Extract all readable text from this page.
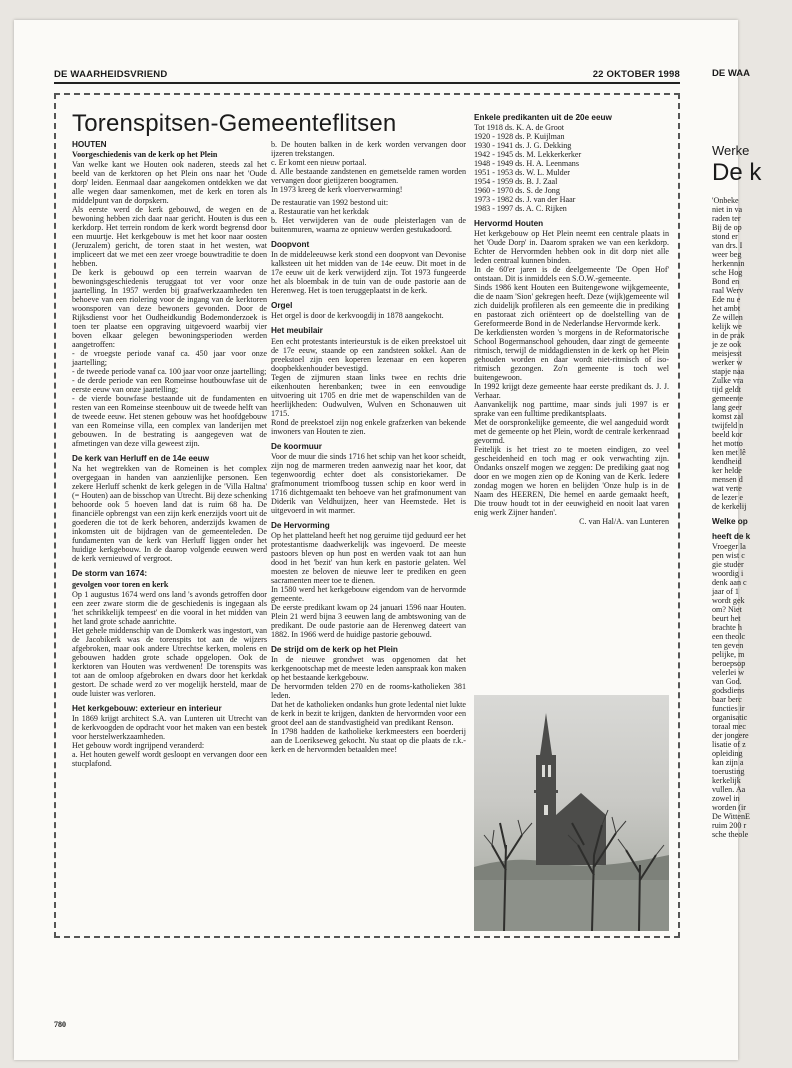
DE WAARHEIDSVRIEND	22 OKTOBER 1998
Torenspitsen-Gemeenteflitsen
HOUTEN
Voorgeschiedenis van de kerk op het Plein

Van welke kant we Houten ook naderen, steeds zal het beeld van de kerktoren op het Plein ons naar het 'Oude dorp' leiden. Eenmaal daar aangekomen ontdekken we dat alle wegen daar samenkomen, met de kerk en toren als middelpunt van de dorpskern.

Als eerste werd de kerk gebouwd, de wegen en de bewoning hebben zich daar naar gericht. Houten is dus een kerkdorp. Het terrein rondom de kerk wordt begrensd door een muurtje. Het kerkgebouw is met het koor naar oosten (Jeruzalem) gericht, de toren staat in het westen, wat impliceert dat we met een zeer vroege bouwtraditie te doen hebben.

De kerk is gebouwd op een terrein waarvan de bewoningsgeschiedenis teruggaat tot ver voor onze jaartelling. In 1957 werden bij graafwerkzaamheden ten behoeve van een riolering voor de ingang van de kerktoren woonsporen van deze bewoners gevonden. Door de Rijksdienst voor het Oudheidkundig Bodemonderzoek is toen ter plaatse een opgraving uitgevoerd waarbij vier boven elkaar gelegen bewoningsperioden werden aangetroffen:

- de vroegste periode vanaf ca. 450 jaar voor onze jaartelling;
- de tweede periode vanaf ca. 100 jaar voor onze jaartelling;
- de derde periode van een Romeinse houtbouwfase uit de eerste eeuw van onze jaartelling;
- de vierde bouwfase bestaande uit de fundamenten en resten van een Romeinse steenbouw uit de tweede helft van de tweede eeuw. Het stenen gebouw was het hoofdgebouw van een Romeinse villa, een complex van landerijen met gebouwen. In de bestrating is aangegeven wat de afmetingen van deze villa geweest zijn.
De kerk van Herluff en de 14e eeuw

Na het wegtrekken van de Romeinen is het complex overgegaan in handen van aanzienlijke personen. Een zekere Herluff schenkt de kerk gelegen in de 'Villa Haltna' (= Houten) aan de bisschop van Utrecht. Bij deze schenking behoorde ook 5 hoeven land dat is ruim 68 ha. De financiële opbrengst van een zijn kerk enerzijds voort uit de goederen die tot de kerk behoren, anderzijds kwamen de inkomsten uit de bijdragen van de gemeenteleden. De fundamenten van de kerk van Herluff liggen onder het huidige kerkgebouw. In de daarop volgende eeuwen werd de kerk vernieuwd of vergroot.

De storm van 1674:
gevolgen voor toren en kerk

Op 1 augustus 1674 werd ons land 's avonds getroffen door een zeer zware storm die de geschiedenis is ingegaan als 'het schrikkelijk tempeest' en die vooral in het midden van het land grote schade aanrichtte.

Het gehele middenschip van de Domkerk was ingestort, van de Jacobikerk was de torenspits tot aan de wijzers afgebroken, maar ook andere Utrechtse kerken, molens en gebouwen hadden grote schade opgelopen. Ook de kerktoren van Houten was verdwenen! De torenspits was tot aan de omloop afgebroken en dwars door het kerkdak gestort. De schade werd zo ver mogelijk hersteld, maar de oude luister was verloren.

Het kerkgebouw: exterieur en interieur

In 1869 krijgt architect S.A. van Lunteren uit Utrecht van de kerkvoogden de opdracht voor het maken van een bestek voor herstelwerkzaamheden.

Het gebouw wordt ingrijpend veranderd:

a. Het houten gewelf wordt gesloopt en vervangen door een stucplafond.

b. De houten balken in de kerk worden vervangen door ijzeren trekstangen.

c. Er komt een nieuw portaal.

d. Alle bestaande zandstenen en gemetselde ramen worden vervangen door gietijzeren boogramen.

In 1973 kreeg de kerk vloerverwarming!

De restauratie van 1992 bestond uit:

a. Restauratie van het kerkdak

b. Het verwijderen van de oude pleisterlagen van de buitenmuren, waarna ze opnieuw werden gestukadoord.

Doopvont

In de middeleeuwse kerk stond een doopvont van Devonise kalksteen uit het midden van de 14e eeuw. Dit moet in de 17e eeuw uit de kerk verwijderd zijn. Tot 1973 fungeerde het als bloembak in de tuin van de oude pastorie aan de Herenweg. Het is toen teruggeplaatst in de kerk.

Orgel

Het orgel is door de kerkvoogdij in 1878 aangekocht.

Het meubilair

Een echt protestants interieurstuk is de eiken preekstoel uit de 17e eeuw, staande op een zandsteen sokkel. Aan de preekstoel zijn een koperen lezenaar en een koperen doopbekkenhouder bevestigd.

Tegen de zijmuren staan links twee en rechts drie eikenhouten herenbanken; twee in een eenvoudige uitvoering uit 1705 en drie met de wapenschilden van de heerlijkheden: Oudwulven, Wulven en Schonauwen uit 1715.

Rond de preekstoel zijn nog enkele grafzerken van bekende inwoners van Houten te zien.

De koormuur

Voor de muur die sinds 1716 het schip van het koor scheidt, zijn nog de marmeren treden aanwezig naar het koor, dat tegenwoordig echter doet als consistoriekamer. De grafmonument triomfboog tussen schip en koor werd in 1716 dichtgemaakt ten behoeve van het grafmonument van Diderik van Veldhuijzen, heer van Heemstede. Het is uitgevoerd in wit marmer.

De Hervorming

Op het platteland heeft het nog geruime tijd geduurd eer het protestantisme daadwerkelijk was ingevoerd. De meeste pastoors bleven op hun post en werden vaak tot aan hun dood in het 'bezit' van hun kerk en pastorie gelaten. Wel moesten ze beloven de nieuwe leer te prediken en geen sacramenten meer toe te dienen.

In 1580 werd het kerkgebouw eigendom van de hervormde gemeente.

De eerste predikant kwam op 24 januari 1596 naar Houten. Plein 21 werd bijna 3 eeuwen lang de ambtswoning van de predikant. De oude pastorie aan de Herenweg dateert van 1882. In 1966 werd de huidige pastorie gebouwd.

De strijd om de kerk op het Plein

In de nieuwe grondwet was opgenomen dat het kerkgenootschap met de meeste leden aanspraak kon maken op het bestaande kerkgebouw.

De hervormden telden 270 en de rooms-katholieken 381 leden.

Dat het de katholieken ondanks hun grote ledental niet lukte de kerk in bezit te krijgen, dankten de hervormden voor een groot deel aan de standvastigheid van predikant Renson.

In 1798 hadden de katholieke kerkmeesters een boerderij aan de Loerikseweg gekocht. Nu staat op die plaats de r.k.-kerk en de hervormden betaalden mee!

Enkele predikanten uit de 20e eeuw
Tot 1918 ds. K. A. de Groot
1920 - 1928 ds. P. Kuijlman
1930 - 1941 ds. J. G. Dekking
1942 - 1945 ds. M. Lekkerkerker
1948 - 1949 ds. H. A. Leenmans
1951 - 1953 ds. W. L. Mulder
1954 - 1959 ds. B. J. Zaal
1960 - 1970 ds. S. de Jong
1973 - 1982 ds. J. van der Haar
1983 - 1997 ds. A. C. Rijken
Hervormd Houten

Het kerkgebouw op Het Plein neemt een centrale plaats in het 'Oude Dorp' in. Daarom spraken we van een kerkdorp. Echter de Hervormden hebben ook in dit dorp niet alle leden centraal kunnen binden.

In de 60'er jaren is de deelgemeente 'De Open Hof' ontstaan. Dit is inmiddels een S.O.W.-gemeente.

Sinds 1986 kent Houten een Buitengewone wijkgemeente, die de naam 'Sion' gekregen heeft. Deze (wijk)gemeente wil zich duidelijk profileren als een gemeente die in prediking en pastoraat zich oriënteert op de doelstelling van de Gereformeerde Bond in de Nederlandse Hervormde kerk.

De kerkdiensten worden 's morgens in de Reformatorische School Bogermanschool gehouden, daar zingt de gemeente ritmisch, terwijl de middagdiensten in de kerk op het Plein gehouden worden en daar wordt niet-ritmisch of iso-ritmisch gezongen. Zo'n gemeente is toch wel buitengewoon.

In 1992 krijgt deze gemeente haar eerste predikant ds. J. J. Verhaar.

Aanvankelijk nog parttime, maar sinds juli 1997 is er sprake van een fulltime predikantsplaats.

Met de oorspronkelijke gemeente, die wel aangeduid wordt met de gemeente op het Plein, wordt de centrale kerkenraad gevormd.

Feitelijk is het triest zo te moeten eindigen, zo veel gescheidenheid en toch mag er ook verwachting zijn. Ondanks onszelf mogen we zeggen: De prediking gaat nog door en we mogen zien op de Koning van de Kerk. Iedere zondag mogen we horen en belijden 'Onze hulp is in de Naam des HEEREN, Die hemel en aarde gemaakt heeft, Die trouw houdt tot in der eeuwigheid en nooit laat varen enig werk Zijner handen'.

C. van Hal/A. van Lunteren

780
DE WAA
Werke
De k

'Onbeke

niet in va

raden ter

Bij de op

stond er

van drs. I

weer beg

herkennin

sche Hog

Bond en

raal Werv

Ede nu e

het ambt

Ze willen

kelijk we

in de prak

je ze ook

meisjesst

werker w

stapje naa

Zulke vra

tijd geldt

gemeente

lang geer

komst zal

twijfeld n

beeld kor

het motto

ken met lê

kendheid

ker helde

mensen d

wat verte

de lezer e

de kerkelij

Welke op
heeft de k

Vroeger la

pen wist c

gie studer

woordig i

denk aan c

jaar of 1

wordt gek

om? Niet

beurt het

brachte h

een theolc

ten geven

pelijke, m

beroepsop

velerlei w

van God.

godsdiens

baar berc

functies ir

organisatic

toraal mec

der jongere

lisatie of z

opleiding

kan zijn a

toerusting

kerkelijk

vullen. Aa

zowel in

worden (ir

De WittenE

ruim 200 r

sche theole
